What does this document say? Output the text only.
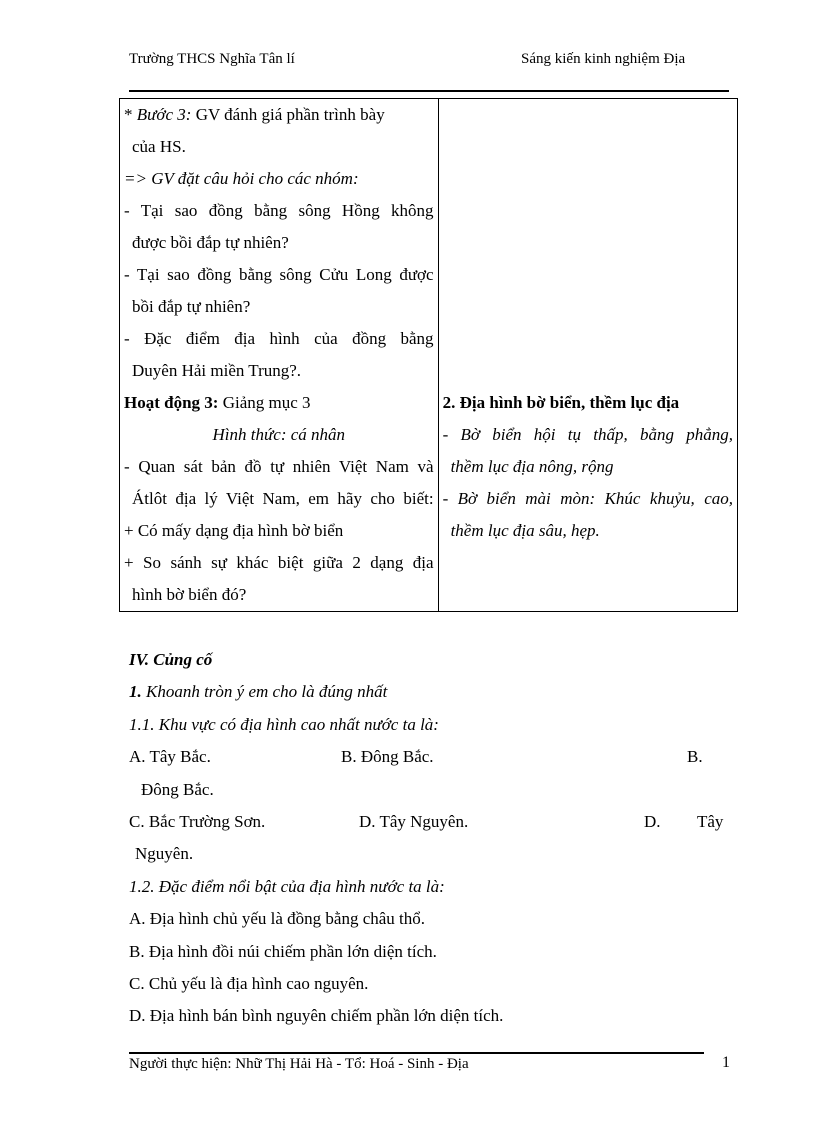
Trường THCS Nghĩa Tân lí	Sáng kiến kinh nghiệm Địa
* Bước 3: GV đánh giá phần trình bày
của HS.
=> GV đặt câu hỏi cho các nhóm:
- Tại sao đồng bằng sông Hồng không
được bồi đắp tự nhiên?
- Tại sao đồng bằng sông Cửu Long được
bồi đắp tự nhiên?
- Đặc điểm địa hình của đồng bằng
Duyên Hải miền Trung?.
Hoạt động 3: Giảng mục 3
Hình thức: cá nhân
- Quan sát bản đồ tự nhiên Việt Nam và
Átlôt địa lý Việt Nam, em hãy cho biết:
+ Có mấy dạng địa hình bờ biển
+ So sánh sự khác biệt giữa 2 dạng địa
hình bờ biển đó?

2. Địa hình bờ biển, thềm lục địa
- Bờ biển hội tụ thấp, bằng phẳng,
thềm lục địa nông, rộng
- Bờ biển mài mòn: Khúc khuỷu, cao,
thềm lục địa sâu, hẹp.
IV. Củng cố
1. Khoanh tròn ý em cho là đúng nhất
1.1. Khu vực có địa hình cao nhất nước ta là:
A. Tây Bắc.	B. Đông Bắc.	B.
Đông Bắc.
C. Bắc Trường Sơn.	D. Tây Nguyên.	D. Tây
Nguyên.
1.2. Đặc điểm nổi bật của địa hình nước ta là:
A. Địa hình chủ yếu là đồng bằng châu thổ.
B. Địa hình đồi núi chiếm phần lớn diện tích.
C. Chủ yếu là địa hình cao nguyên.
D. Địa hình bán bình nguyên chiếm phần lớn diện tích.
Người thực hiện: Nhữ Thị Hải Hà - Tổ: Hoá - Sinh - Địa	1
